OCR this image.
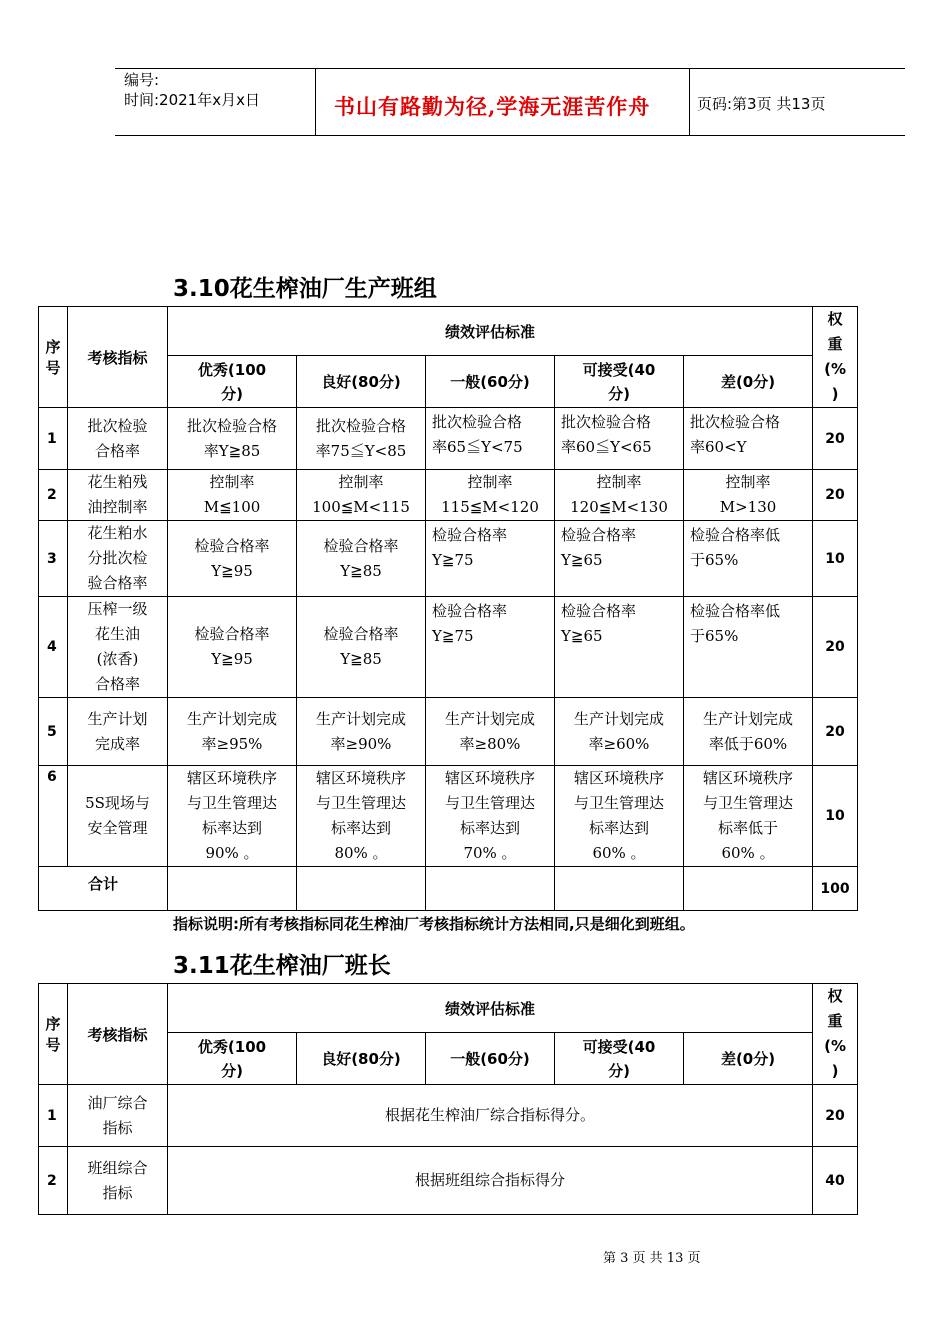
编号:
时间:2021年x月x日	书山有路勤为径,学海无涯苦作舟	页码:第3页 共13页
3.10花生榨油厂生产班组
序
号	考核指标	绩效评估标准					权
重
(%
)
		优秀(100
分)	良好(80分)	一般(60分)	可接受(40
分)	差(0分)	
1	批次检验
合格率	批次检验合格
率Y≧85	批次检验合格
率75≦Y<85	批次检验合格
率65≦Y<75	批次检验合格
率60≦Y<65	批次检验合格
率60<Y	20
2	花生粕残
油控制率	控制率
M≦100	控制率
100≦M<115	控制率
115≦M<120	控制率
120≦M<130	控制率
M>130	20
3	花生粕水
分批次检
验合格率	检验合格率
Y≧95	检验合格率
Y≧85	检验合格率
Y≧75	检验合格率
Y≧65	检验合格率低
于65%	10
4	压榨一级
花生油
(浓香)
合格率	检验合格率
Y≧95	检验合格率
Y≧85	检验合格率
Y≧75	检验合格率
Y≧65	检验合格率低
于65%	20
5	生产计划
完成率	生产计划完成
率≥95%	生产计划完成
率≥90%	生产计划完成
率≥80%	生产计划完成
率≥60%	生产计划完成
率低于60%	20
6	5S现场与
安全管理	辖区环境秩序
与卫生管理达
标率达到
90% 。	辖区环境秩序
与卫生管理达
标率达到
80% 。	辖区环境秩序
与卫生管理达
标率达到
70% 。	辖区环境秩序
与卫生管理达
标率达到
60% 。	辖区环境秩序
与卫生管理达
标率低于
60% 。	10
合计							100
指标说明:所有考核指标同花生榨油厂考核指标统计方法相同,只是细化到班组。
3.11花生榨油厂班长
序
号	考核指标	绩效评估标准					权
重
(%
)
		优秀(100
分)	良好(80分)	一般(60分)	可接受(40
分)	差(0分)	
1	油厂综合
指标	根据花生榨油厂综合指标得分。					20
2	班组综合
指标	根据班组综合指标得分					40
第 3 页 共 13 页
